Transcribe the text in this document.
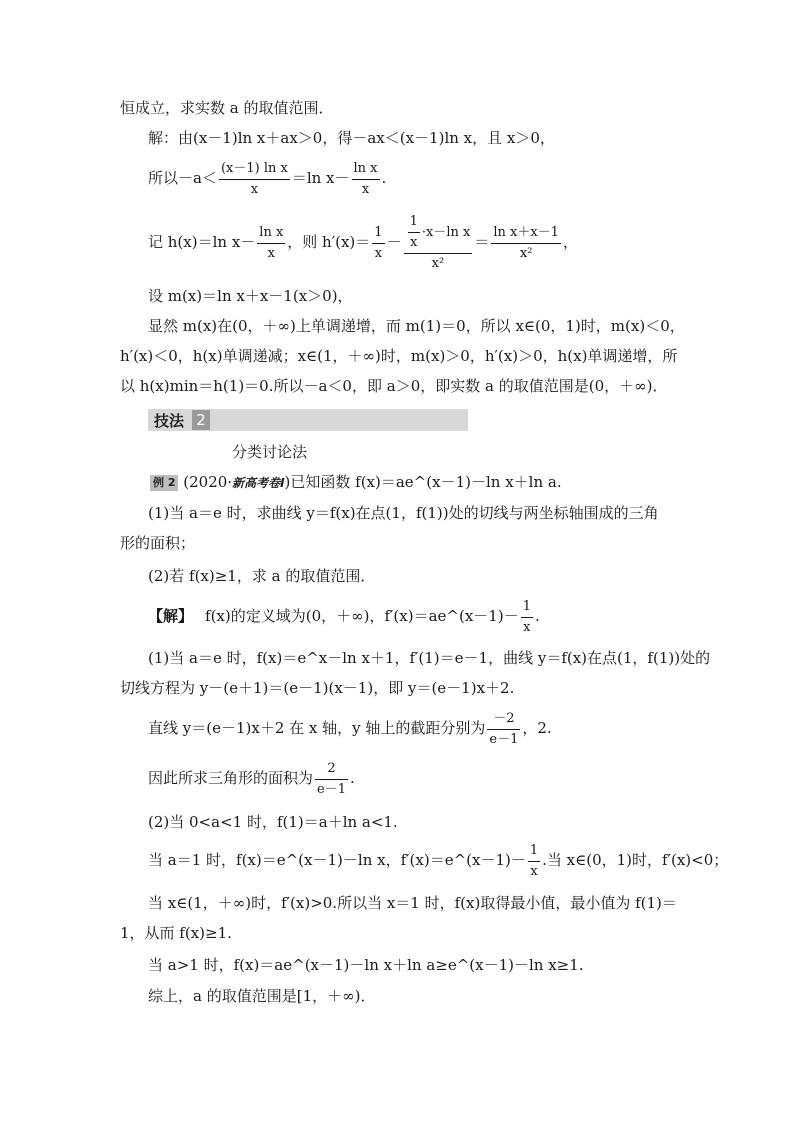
恒成立，求实数 a 的取值范围．
解：由(x－1)ln x＋ax＞0，得－ax＜(x－1)ln x，且 x＞0，
所以$-a< \frac{\text{(x－1) ln x}}{x} =\ln$ $x- \frac{\text{ln x}}{x}$ .
记 h(x)＝ln $x- \frac{\text{ln x}}{x}$ ，则 $h'(x)= \frac{1}{x} - \frac{\frac{1}{x} \cdot x-\ln x}{\text{x²}} = \frac{\text{ln x＋x－1}}{\text{x²}}$ ，
设 m(x)＝ln x＋x－1(x＞0)，
显然 m(x)在(0，＋∞)上单调递增，而 m(1)＝0，所以 x∈(0，1)时，m(x)＜0，
h′(x)＜0，h(x)单调递减；x∈(1，＋∞)时，m(x)＞0，h′(x)＞0，h(x)单调递增，所
以 h(x)min＝h(1)＝0.所以－a＜0，即 a＞0，即实数 a 的取值范围是(0，＋∞)．
技法 2
分类讨论法
例 2 (2020·新高考卷Ⅰ)已知函数 f(x)＝ae^(x－1)－ln x＋ln a.
(1)当 a＝e 时，求曲线 y＝f(x)在点(1，f(1))处的切线与两坐标轴围成的三角
形的面积；
(2)若 f(x)≥1，求 a 的取值范围．
【解】 f(x)的定义域为(0，＋∞)，f′(x)＝ae^(x－1)－ $\frac{1}{x}$ .
(1)当 a＝e 时，f(x)＝e^x－ln x＋1，f′(1)＝e－1，曲线 y＝f(x)在点(1，f(1))处的
切线方程为 y－(e＋1)＝(e－1)(x－1)，即 y＝(e－1)x＋2.
直线 y＝(e－1)x＋2 在 x 轴，y 轴上的截距分别为 $\frac{-2}{e-1}$ ，2.
因此所求三角形的面积为 $\frac{2}{e-1}$ .
(2)当 0<a<1 时，f(1)＝a＋ln a<1.
当 a＝1 时，f(x)＝e^(x－1)－ln x，f′(x)＝e^(x－1)－ $\frac{1}{x}$ .当 x∈(0，1)时，f′(x)<0；
当 x∈(1，＋∞)时，f′(x)>0.所以当 x＝1 时，f(x)取得最小值，最小值为 f(1)＝
1，从而 f(x)≥1.
当 a>1 时，f(x)＝ae^(x－1)－ln x＋ln a≥e^(x－1)－ln x≥1.
综上，a 的取值范围是[1，＋∞)．
